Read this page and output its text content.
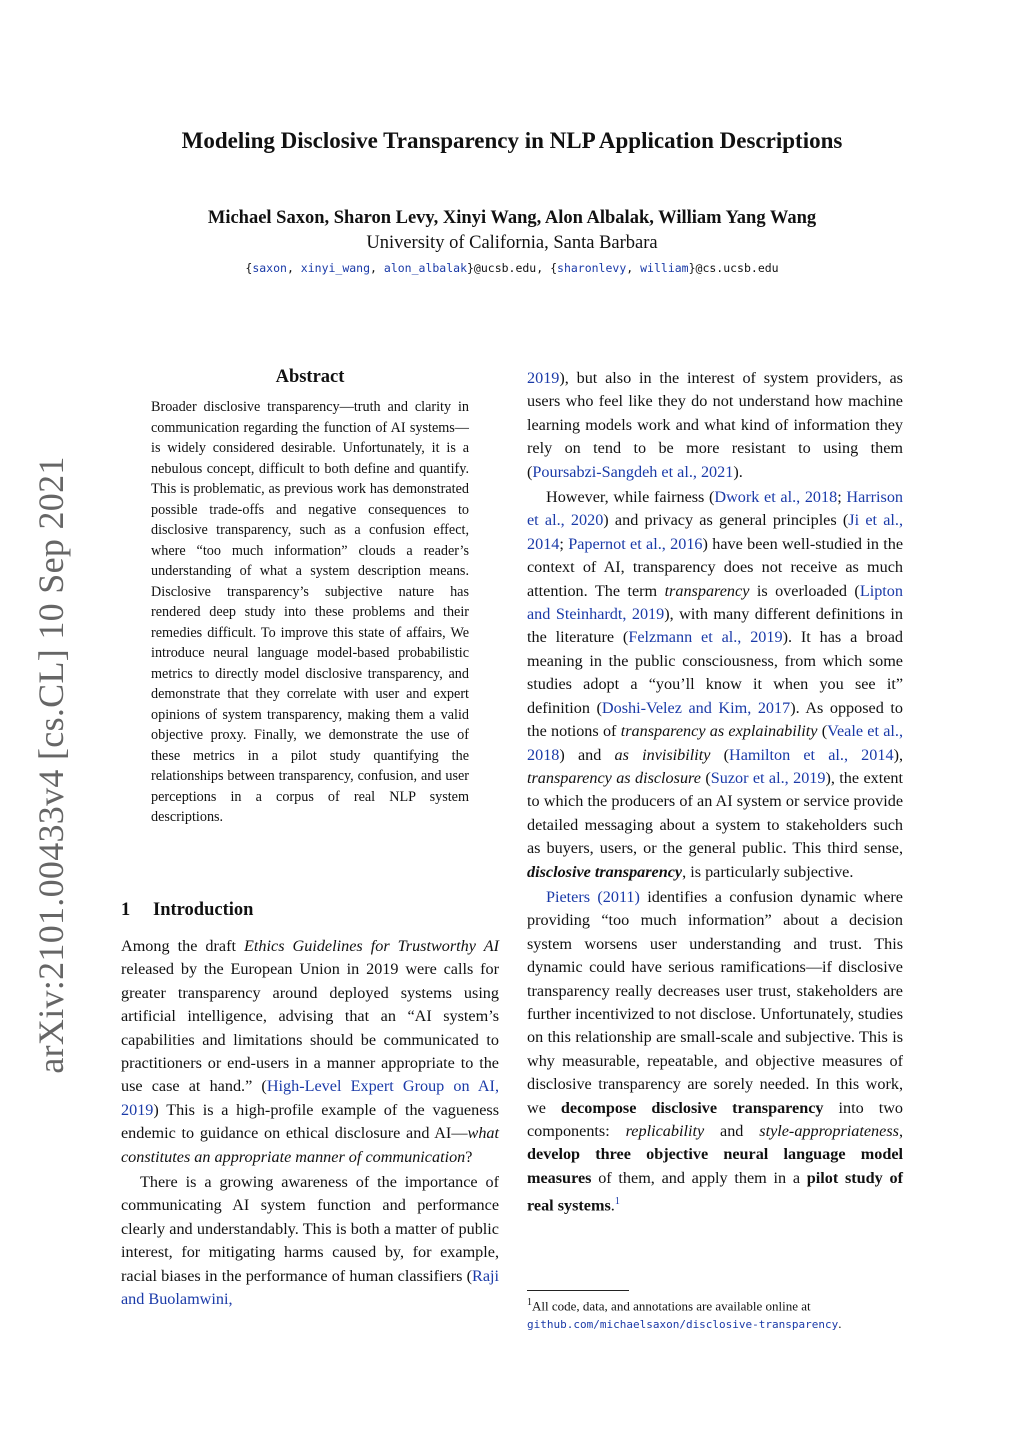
arXiv:2101.00433v4 [cs.CL] 10 Sep 2021
Modeling Disclosive Transparency in NLP Application Descriptions
Michael Saxon, Sharon Levy, Xinyi Wang, Alon Albalak, William Yang Wang
University of California, Santa Barbara
{saxon, xinyi_wang, alon_albalak}@ucsb.edu, {sharonlevy, william}@cs.ucsb.edu
Abstract
Broader disclosive transparency—truth and clarity in communication regarding the function of AI systems—is widely considered desirable. Unfortunately, it is a nebulous concept, difficult to both define and quantify. This is problematic, as previous work has demonstrated possible trade-offs and negative consequences to disclosive transparency, such as a confusion effect, where “too much information” clouds a reader’s understanding of what a system description means. Disclosive transparency’s subjective nature has rendered deep study into these problems and their remedies difficult. To improve this state of affairs, We introduce neural language model-based probabilistic metrics to directly model disclosive transparency, and demonstrate that they correlate with user and expert opinions of system transparency, making them a valid objective proxy. Finally, we demonstrate the use of these metrics in a pilot study quantifying the relationships between transparency, confusion, and user perceptions in a corpus of real NLP system descriptions.
1 Introduction

Among the draft Ethics Guidelines for Trustworthy AI released by the European Union in 2019 were calls for greater transparency around deployed systems using artificial intelligence, advising that an “AI system’s capabilities and limitations should be communicated to practitioners or end-users in a manner appropriate to the use case at hand.” (High-Level Expert Group on AI, 2019) This is a high-profile example of the vagueness endemic to guidance on ethical disclosure and AI—what constitutes an appropriate manner of communication?

There is a growing awareness of the importance of communicating AI system function and performance clearly and understandably. This is both a matter of public interest, for mitigating harms caused by, for example, racial biases in the performance of human classifiers (Raji and Buolamwini,

2019), but also in the interest of system providers, as users who feel like they do not understand how machine learning models work and what kind of information they rely on tend to be more resistant to using them (Poursabzi-Sangdeh et al., 2021).

However, while fairness (Dwork et al., 2018; Harrison et al., 2020) and privacy as general principles (Ji et al., 2014; Papernot et al., 2016) have been well-studied in the context of AI, transparency does not receive as much attention. The term transparency is overloaded (Lipton and Steinhardt, 2019), with many different definitions in the literature (Felzmann et al., 2019). It has a broad meaning in the public consciousness, from which some studies adopt a “you’ll know it when you see it” definition (Doshi-Velez and Kim, 2017). As opposed to the notions of transparency as explainability (Veale et al., 2018) and as invisibility (Hamilton et al., 2014), transparency as disclosure (Suzor et al., 2019), the extent to which the producers of an AI system or service provide detailed messaging about a system to stakeholders such as buyers, users, or the general public. This third sense, disclosive transparency, is particularly subjective.

Pieters (2011) identifies a confusion dynamic where providing “too much information” about a decision system worsens user understanding and trust. This dynamic could have serious ramifications—if disclosive transparency really decreases user trust, stakeholders are further incentivized to not disclose. Unfortunately, studies on this relationship are small-scale and subjective. This is why measurable, repeatable, and objective measures of disclosive transparency are sorely needed. In this work, we decompose disclosive transparency into two components: replicability and style-appropriateness, develop three objective neural language model measures of them, and apply them in a pilot study of real systems.$^1$

$^1$All code, data, and annotations are available online at
github.com/michaelsaxon/disclosive-transparency.
